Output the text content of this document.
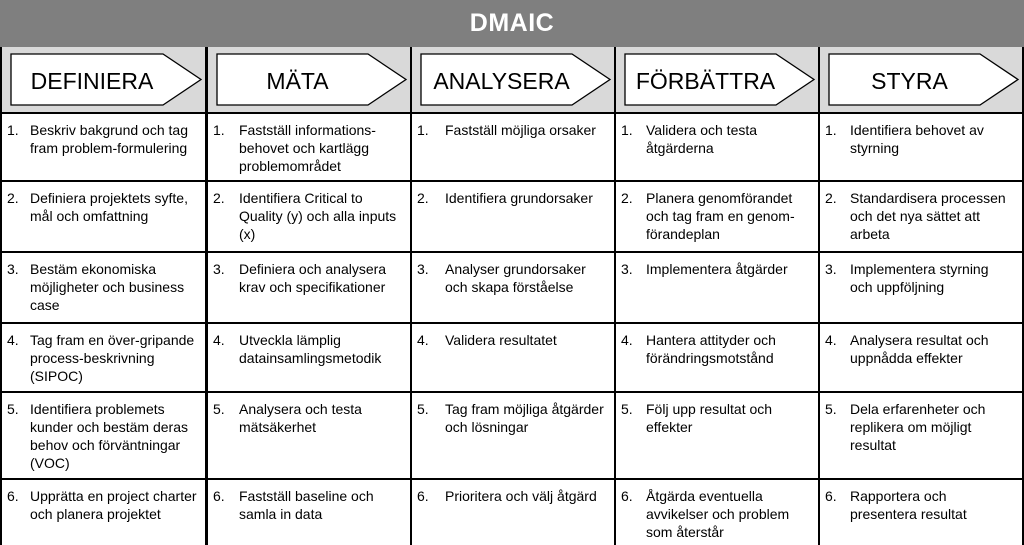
DMAIC
DEFINIERA
1. Beskriv bakgrund och tag fram problem-formulering
2. Definiera projektets syfte, mål och omfattning
3. Bestäm ekonomiska möjligheter och business case
4. Tag fram en över-gripande process-beskrivning (SIPOC)
5. Identifiera problemets kunder och bestäm deras behov och förväntningar (VOC)
6. Upprätta en project charter och planera projektet
MÄTA
1. Fastställ informations-behovet och kartlägg problemområdet
2. Identifiera Critical to Quality (y) och alla inputs (x)
3. Definiera och analysera krav och specifikationer
4. Utveckla lämplig datainsamlingsmetodik
5. Analysera och testa mätsäkerhet
6. Fastställ baseline och samla in data
ANALYSERA
1. Fastställ möjliga orsaker
2. Identifiera grundorsaker
3. Analyser grundorsaker och skapa förståelse
4. Validera resultatet
5. Tag fram möjliga åtgärder och lösningar
6. Prioritera och välj åtgärd
FÖRBÄTTRA
1. Validera och testa åtgärderna
2. Planera genomförandet och tag fram en genom-förandeplan
3. Implementera åtgärder
4. Hantera attityder och förändringsmotstånd
5. Följ upp resultat och effekter
6. Åtgärda eventuella avvikelser och problem som återstår
STYRA
1. Identifiera behovet av styrning
2. Standardisera processen och det nya sättet att arbeta
3. Implementera styrning och uppföljning
4. Analysera resultat och uppnådda effekter
5. Dela erfarenheter och replikera om möjligt resultat
6. Rapportera och presentera resultat
